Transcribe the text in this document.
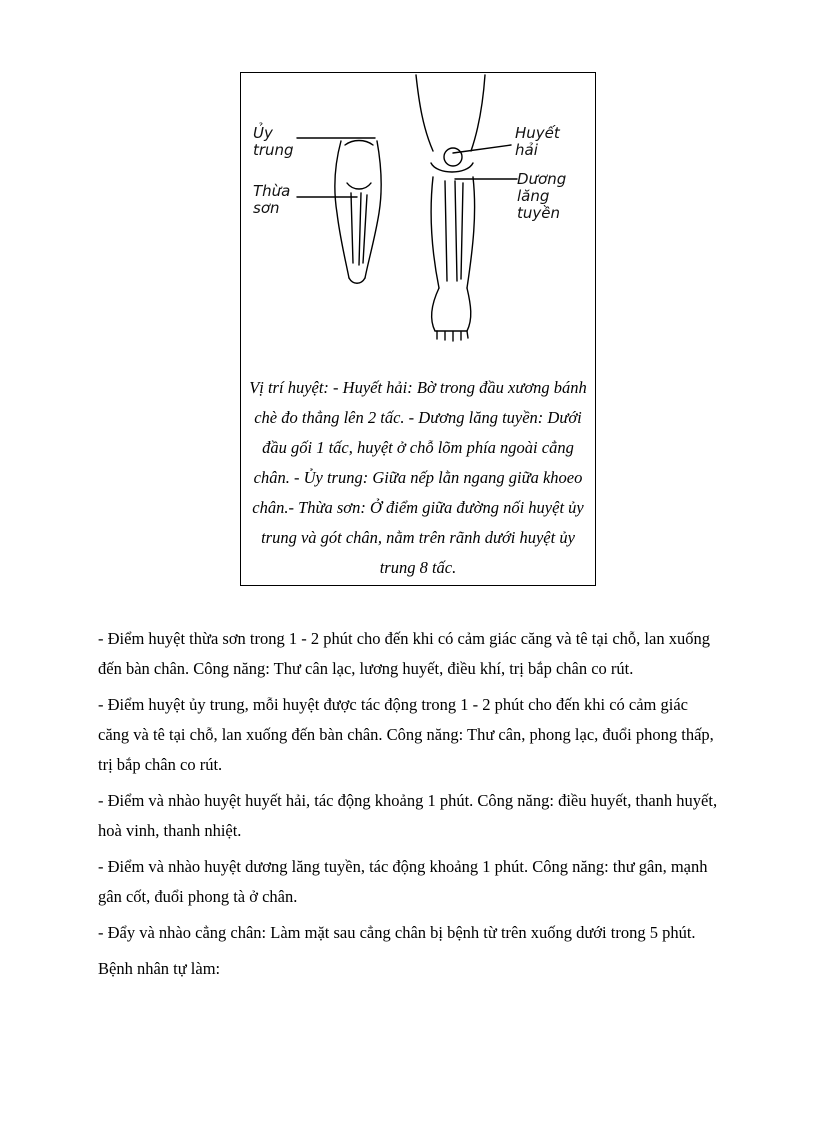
Ủy
trung
Thừa
sơn
Huyết
hải
Dương
lăng tuyền
Vị trí huyệt: - Huyết hải: Bờ trong đầu xương bánh chè đo thẳng lên 2 tấc. - Dương lăng tuyền: Dưới đầu gối 1 tấc, huyệt ở chỗ lõm phía ngoài cẳng chân. - Ủy trung: Giữa nếp lằn ngang giữa khoeo chân.- Thừa sơn: Ở điểm giữa đường nối huyệt ủy trung và gót chân, nằm trên rãnh dưới huyệt ủy trung 8 tấc.

- Điểm huyệt thừa sơn trong 1 - 2 phút cho đến khi có cảm giác căng và tê tại chỗ, lan xuống đến bàn chân. Công năng: Thư cân lạc, lương huyết, điều khí, trị bắp chân co rút.

- Điểm huyệt ủy trung, mỗi huyệt được tác động trong 1 - 2 phút cho đến khi có cảm giác căng và tê tại chỗ, lan xuống đến bàn chân. Công năng: Thư cân, phong lạc, đuổi phong thấp, trị bắp chân co rút.

- Điểm và nhào huyệt huyết hải, tác động khoảng 1 phút. Công năng: điều huyết, thanh huyết, hoà vinh, thanh nhiệt.

- Điểm và nhào huyệt dương lăng tuyền, tác động khoảng 1 phút. Công năng: thư gân, mạnh gân cốt, đuổi phong tà ở chân.

- Đẩy và nhào cẳng chân: Làm mặt sau cẳng chân bị bệnh từ trên xuống dưới trong 5 phút.

Bệnh nhân tự làm:
